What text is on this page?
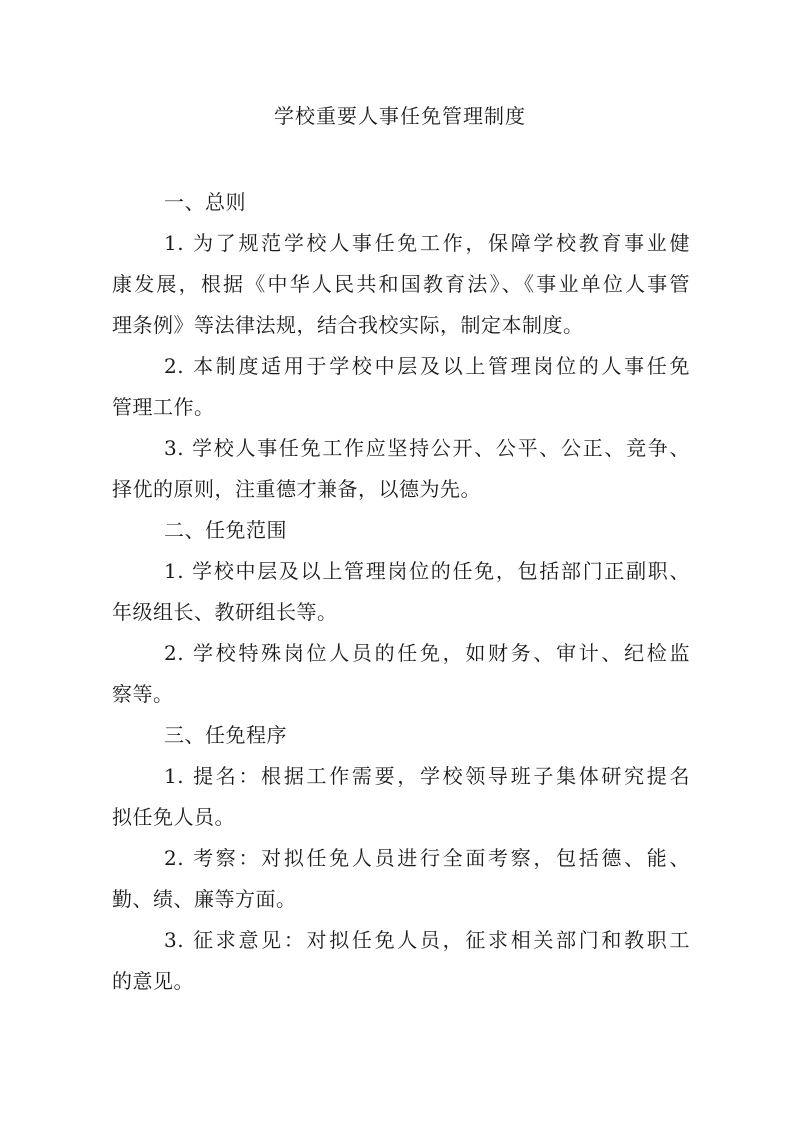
学校重要人事任免管理制度
一、总则
1. 为了规范学校人事任免工作，保障学校教育事业健
康发展，根据《中华人民共和国教育法》、《事业单位人事管
理条例》等法律法规，结合我校实际，制定本制度。
2. 本制度适用于学校中层及以上管理岗位的人事任免
管理工作。
3. 学校人事任免工作应坚持公开、公平、公正、竞争、
择优的原则，注重德才兼备，以德为先。
二、任免范围
1. 学校中层及以上管理岗位的任免，包括部门正副职、
年级组长、教研组长等。
2. 学校特殊岗位人员的任免，如财务、审计、纪检监
察等。
三、任免程序
1. 提名：根据工作需要，学校领导班子集体研究提名
拟任免人员。
2. 考察：对拟任免人员进行全面考察，包括德、能、
勤、绩、廉等方面。
3. 征求意见：对拟任免人员，征求相关部门和教职工
的意见。
